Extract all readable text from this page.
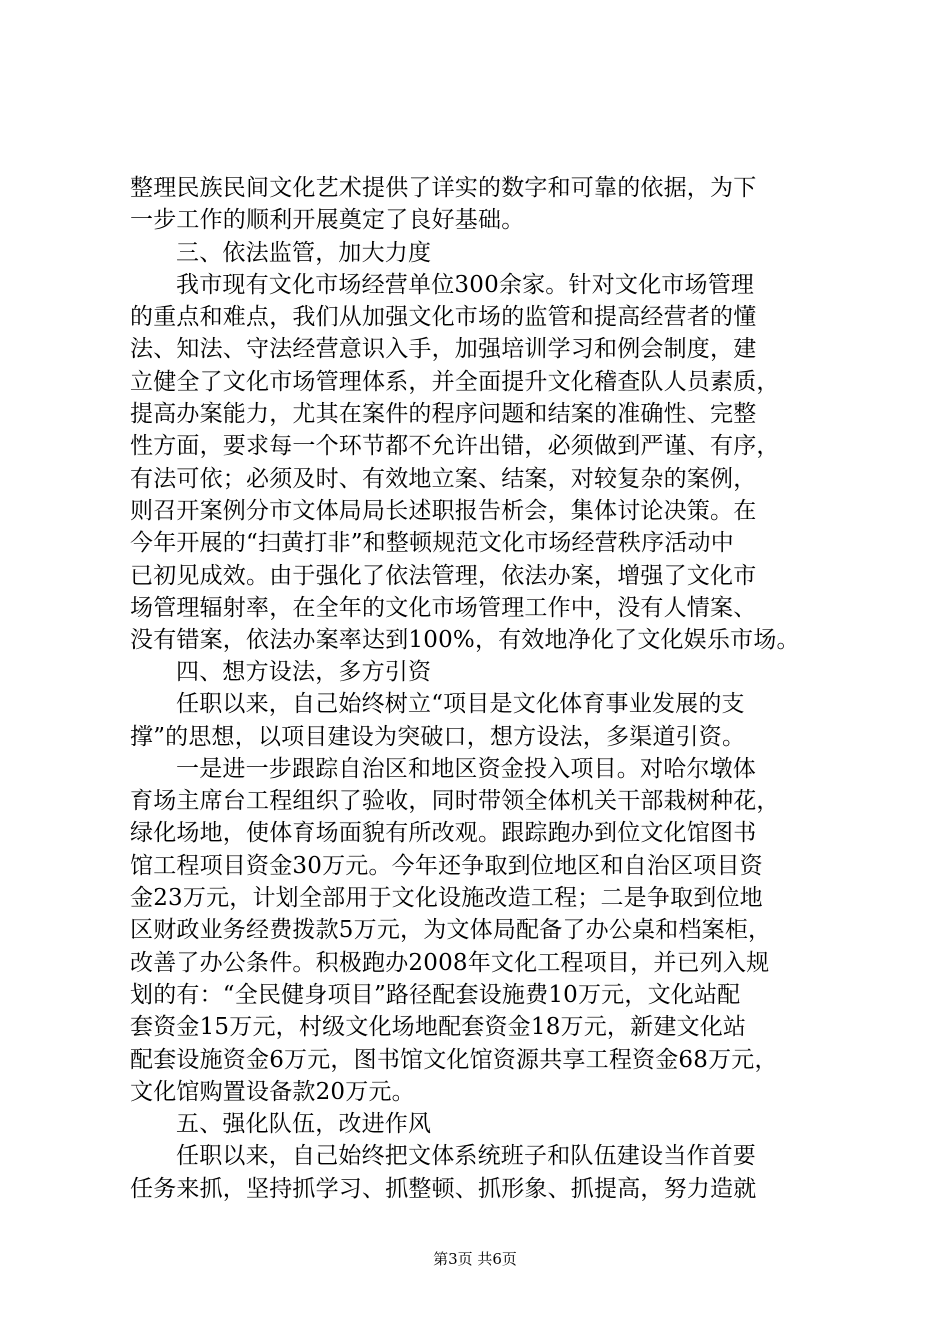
整理民族民间文化艺术提供了详实的数字和可靠的依据，为下
一步工作的顺利开展奠定了良好基础。
三、依法监管，加大力度
我市现有文化市场经营单位300余家。针对文化市场管理
的重点和难点，我们从加强文化市场的监管和提高经营者的懂
法、知法、守法经营意识入手，加强培训学习和例会制度，建
立健全了文化市场管理体系，并全面提升文化稽查队人员素质，
提高办案能力，尤其在案件的程序问题和结案的准确性、完整
性方面，要求每一个环节都不允许出错，必须做到严谨、有序，
有法可依；必须及时、有效地立案、结案，对较复杂的案例，
则召开案例分市文体局局长述职报告析会，集体讨论决策。在
今年开展的“扫黄打非”和整顿规范文化市场经营秩序活动中
已初见成效。由于强化了依法管理，依法办案，增强了文化市
场管理辐射率，在全年的文化市场管理工作中，没有人情案、
没有错案，依法办案率达到100%，有效地净化了文化娱乐市场。
四、想方设法，多方引资
任职以来，自己始终树立“项目是文化体育事业发展的支
撑”的思想，以项目建设为突破口，想方设法，多渠道引资。
一是进一步跟踪自治区和地区资金投入项目。对哈尔墩体
育场主席台工程组织了验收，同时带领全体机关干部栽树种花，
绿化场地，使体育场面貌有所改观。跟踪跑办到位文化馆图书
馆工程项目资金30万元。今年还争取到位地区和自治区项目资
金23万元，计划全部用于文化设施改造工程；二是争取到位地
区财政业务经费拨款5万元，为文体局配备了办公桌和档案柜，
改善了办公条件。积极跑办2008年文化工程项目，并已列入规
划的有：“全民健身项目”路径配套设施费10万元，文化站配
套资金15万元，村级文化场地配套资金18万元，新建文化站
配套设施资金6万元，图书馆文化馆资源共享工程资金68万元，
文化馆购置设备款20万元。
五、强化队伍，改进作风
任职以来，自己始终把文体系统班子和队伍建设当作首要
任务来抓，坚持抓学习、抓整顿、抓形象、抓提高，努力造就
第3页 共6页
